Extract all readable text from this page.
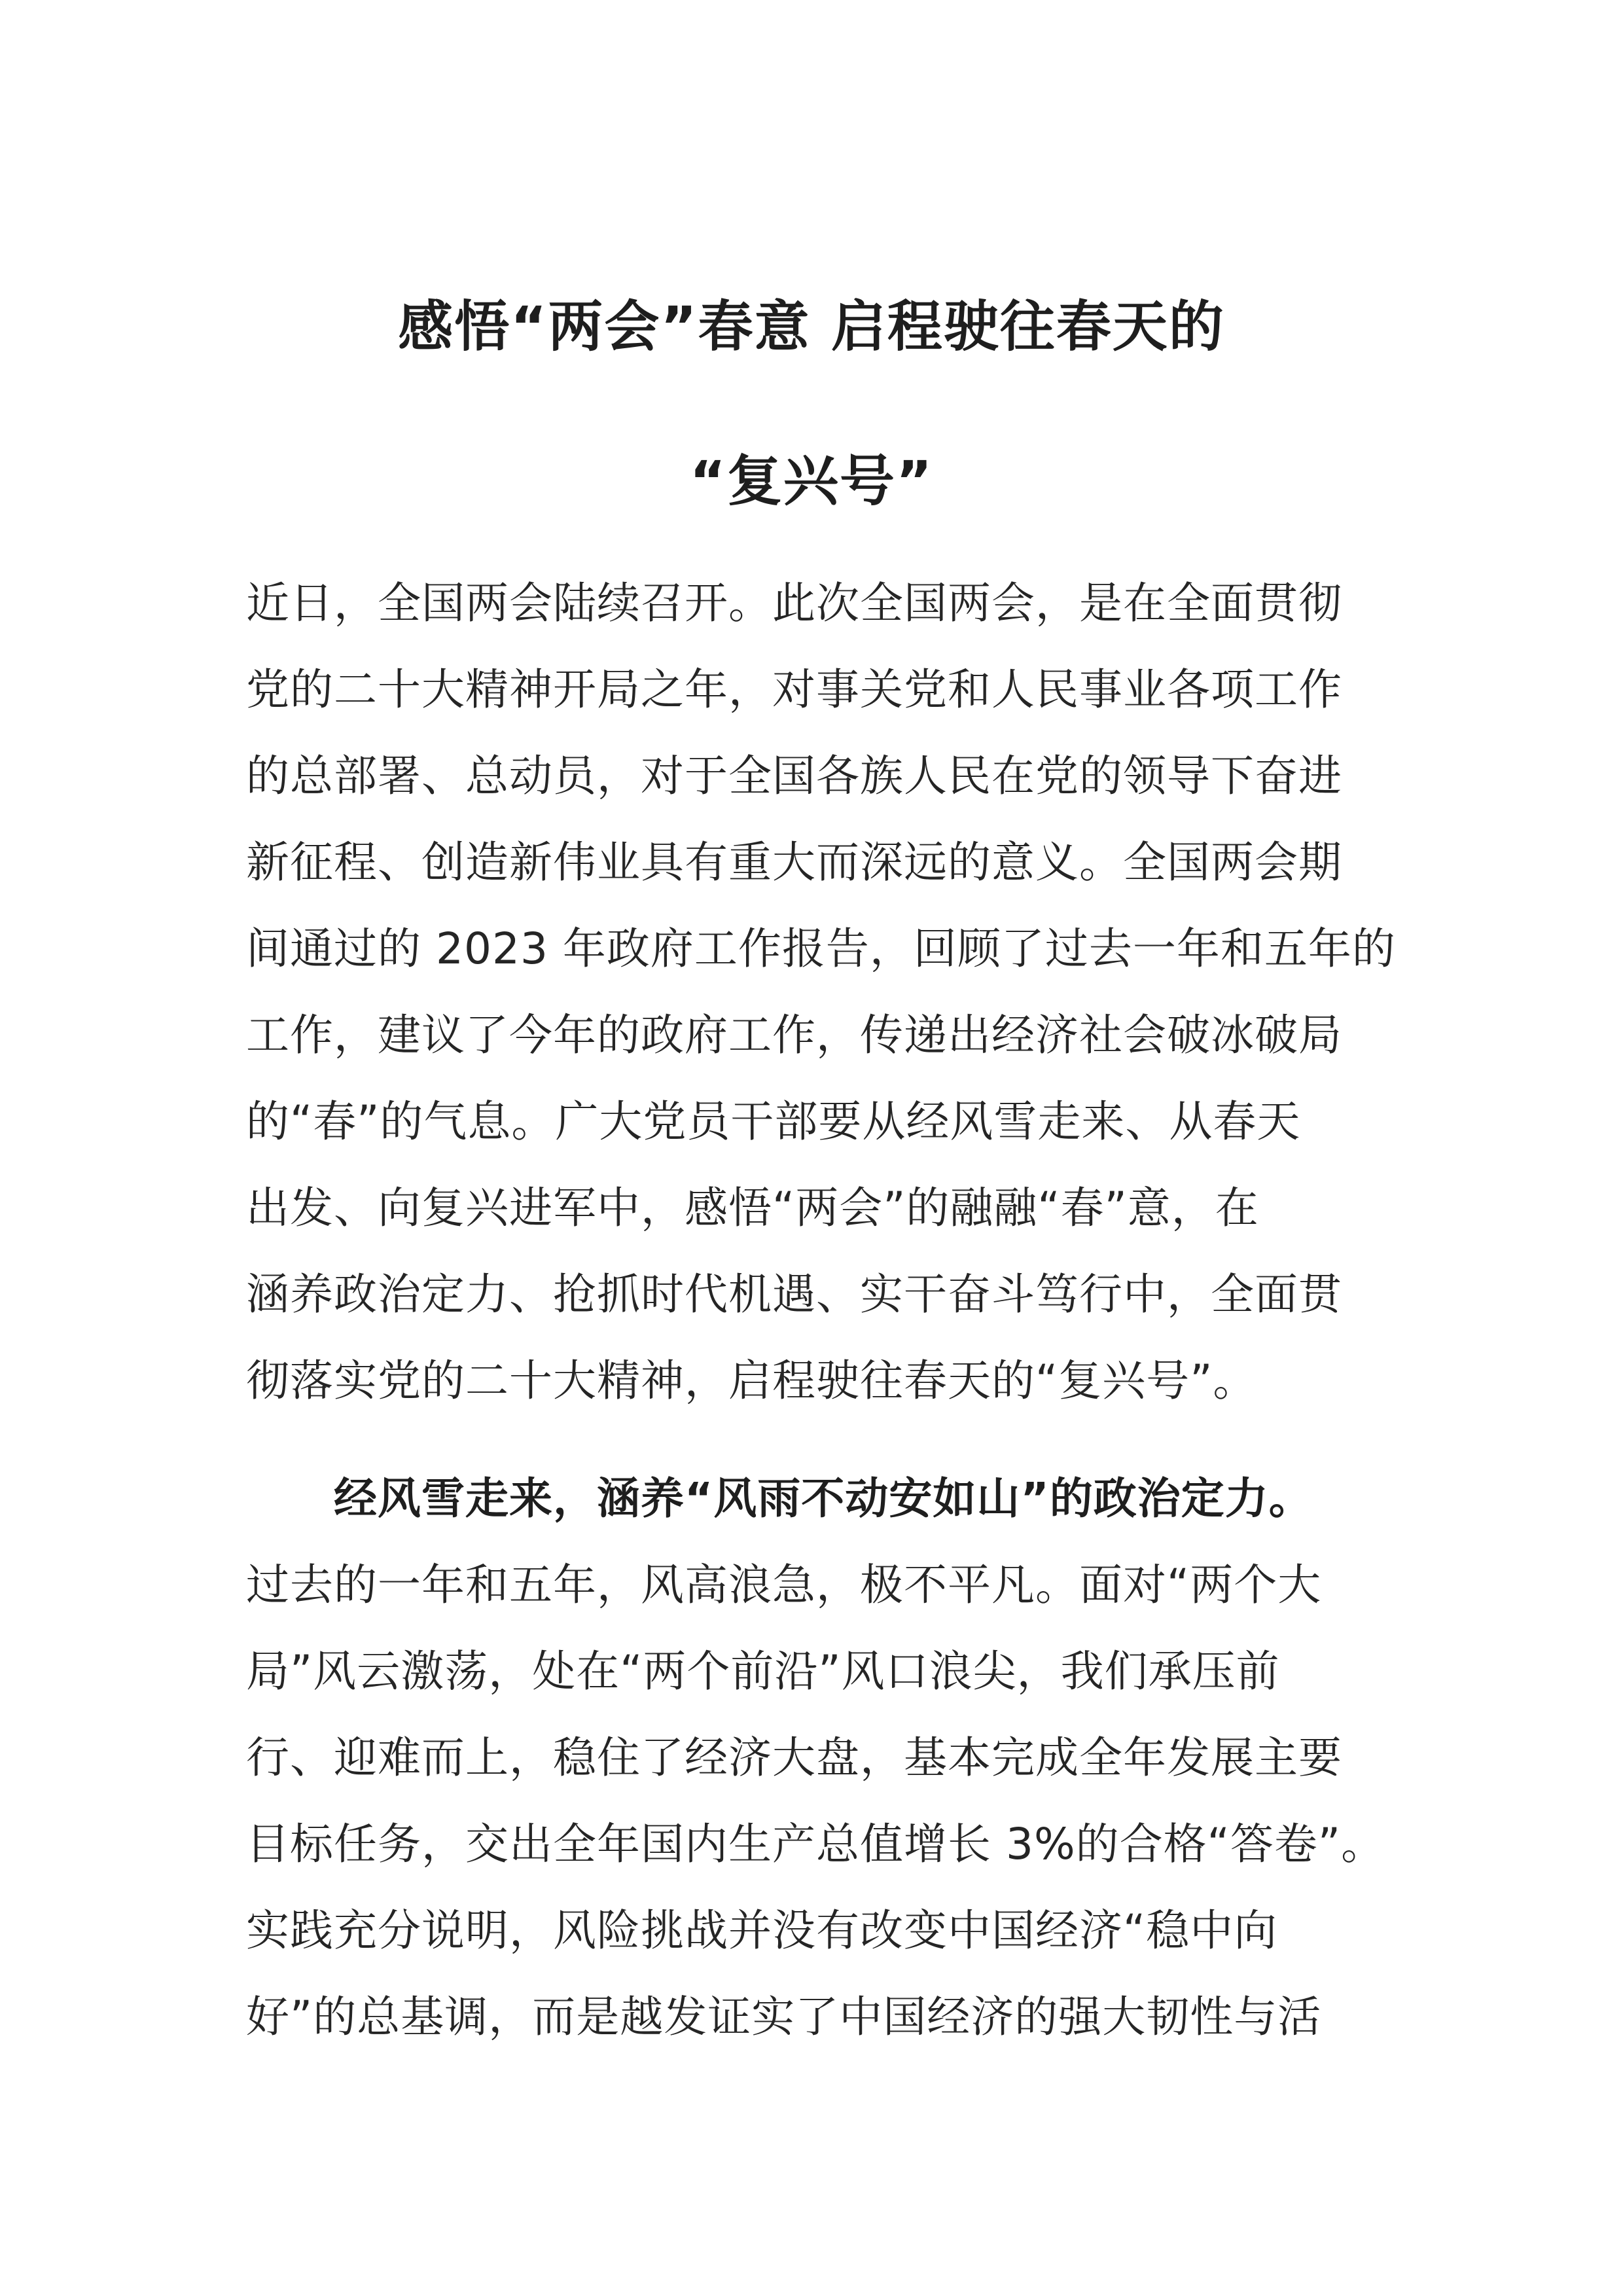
感悟“两会”春意 启程驶往春天的
“复兴号”
近日，全国两会陆续召开。此次全国两会，是在全面贯彻
党的二十大精神开局之年，对事关党和人民事业各项工作
的总部署、总动员，对于全国各族人民在党的领导下奋进
新征程、创造新伟业具有重大而深远的意义。全国两会期
间通过的 2023 年政府工作报告，回顾了过去一年和五年的
工作，建议了今年的政府工作，传递出经济社会破冰破局
的“春”的气息。广大党员干部要从经风雪走来、从春天
出发、向复兴进军中，感悟“两会”的融融“春”意，在
涵养政治定力、抢抓时代机遇、实干奋斗笃行中，全面贯
彻落实党的二十大精神，启程驶往春天的“复兴号”。
经风雪走来，涵养“风雨不动安如山”的政治定力。
过去的一年和五年，风高浪急，极不平凡。面对“两个大
局”风云激荡，处在“两个前沿”风口浪尖，我们承压前
行、迎难而上，稳住了经济大盘，基本完成全年发展主要
目标任务，交出全年国内生产总值增长 3%的合格“答卷”。
实践充分说明，风险挑战并没有改变中国经济“稳中向
好”的总基调，而是越发证实了中国经济的强大韧性与活
